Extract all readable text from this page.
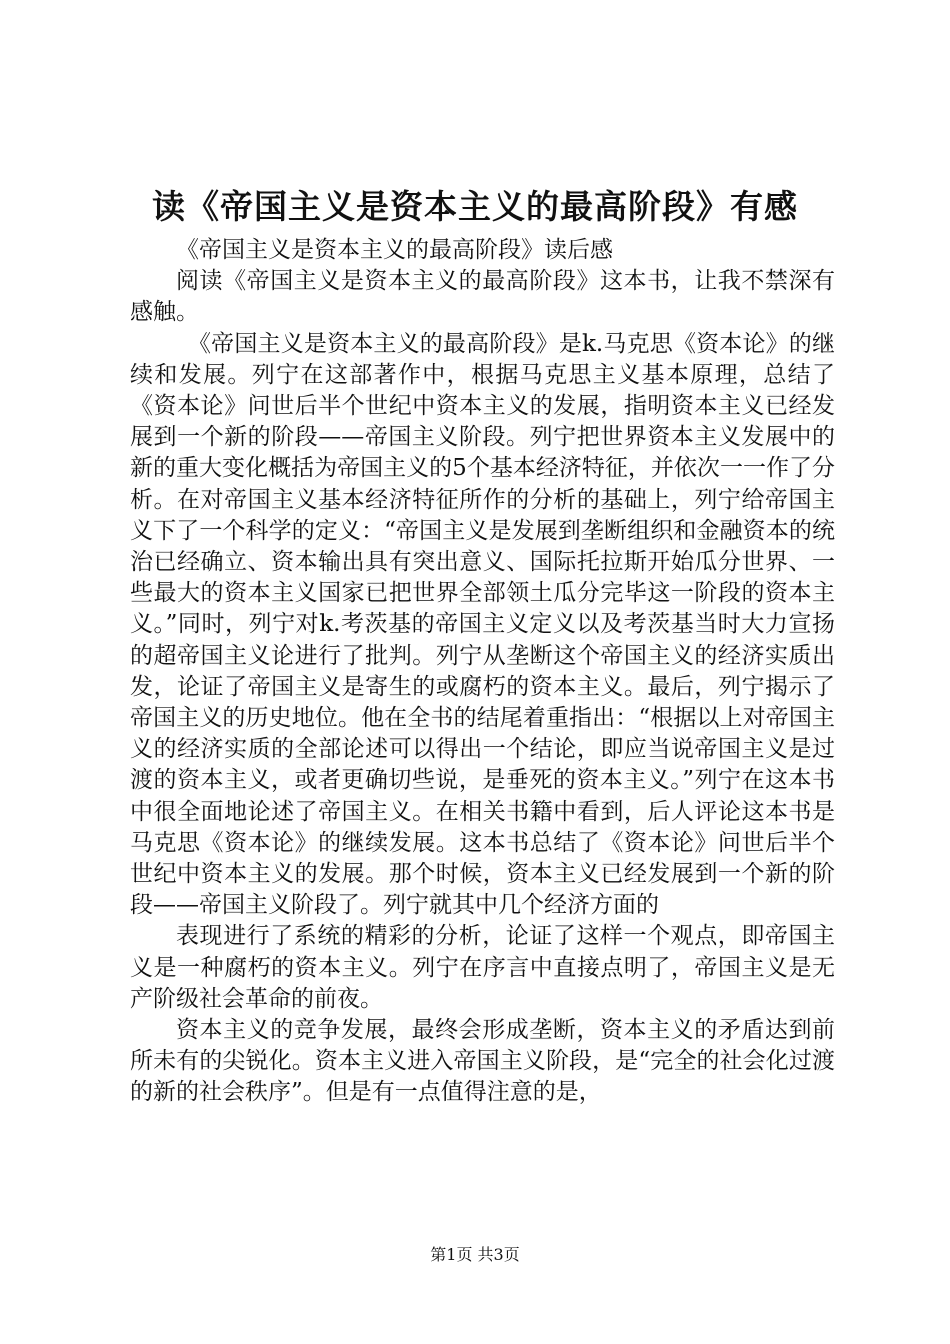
读《帝国主义是资本主义的最高阶段》有感

《帝国主义是资本主义的最高阶段》读后感

阅读《帝国主义是资本主义的最高阶段》这本书，让我不禁深有感触。

《帝国主义是资本主义的最高阶段》是k.马克思《资本论》的继续和发展。列宁在这部著作中，根据马克思主义基本原理，总结了《资本论》问世后半个世纪中资本主义的发展，指明资本主义已经发展到一个新的阶段——帝国主义阶段。列宁把世界资本主义发展中的新的重大变化概括为帝国主义的5个基本经济特征，并依次一一作了分析。在对帝国主义基本经济特征所作的分析的基础上，列宁给帝国主义下了一个科学的定义：“帝国主义是发展到垄断组织和金融资本的统治已经确立、资本输出具有突出意义、国际托拉斯开始瓜分世界、一些最大的资本主义国家已把世界全部领土瓜分完毕这一阶段的资本主义。”同时，列宁对k.考茨基的帝国主义定义以及考茨基当时大力宣扬的超帝国主义论进行了批判。列宁从垄断这个帝国主义的经济实质出发，论证了帝国主义是寄生的或腐朽的资本主义。最后，列宁揭示了帝国主义的历史地位。他在全书的结尾着重指出：“根据以上对帝国主义的经济实质的全部论述可以得出一个结论，即应当说帝国主义是过渡的资本主义，或者更确切些说，是垂死的资本主义。”列宁在这本书中很全面地论述了帝国主义。在相关书籍中看到，后人评论这本书是马克思《资本论》的继续发展。这本书总结了《资本论》问世后半个世纪中资本主义的发展。那个时候，资本主义已经发展到一个新的阶段——帝国主义阶段了。列宁就其中几个经济方面的

表现进行了系统的精彩的分析，论证了这样一个观点，即帝国主义是一种腐朽的资本主义。列宁在序言中直接点明了，帝国主义是无产阶级社会革命的前夜。

资本主义的竞争发展，最终会形成垄断，资本主义的矛盾达到前所未有的尖锐化。资本主义进入帝国主义阶段，是“完全的社会化过渡的新的社会秩序”。但是有一点值得注意的是，

第1页 共3页
